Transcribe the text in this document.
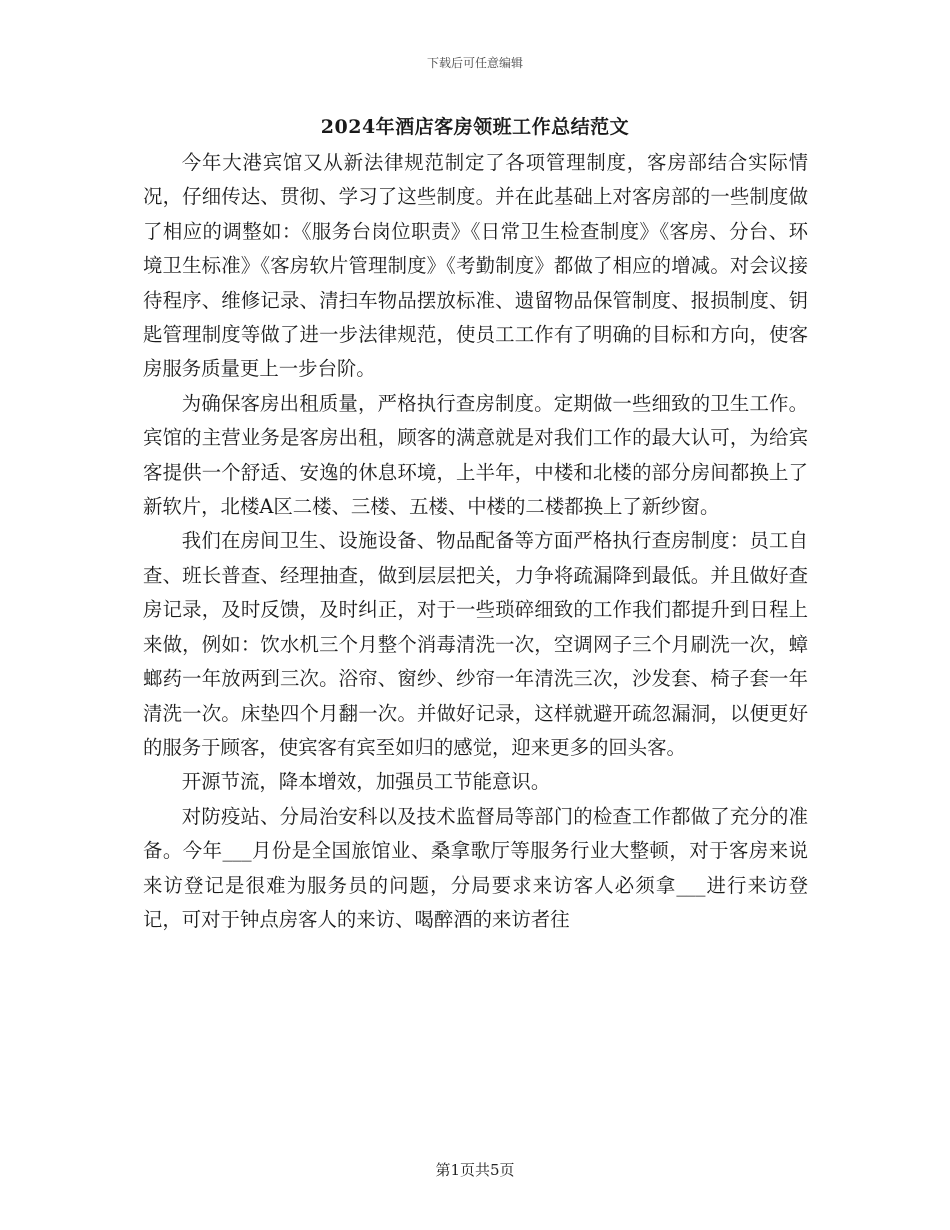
下载后可任意编辑
2024年酒店客房领班工作总结范文

今年大港宾馆又从新法律规范制定了各项管理制度，客房部结合实际情况，仔细传达、贯彻、学习了这些制度。并在此基础上对客房部的一些制度做了相应的调整如：《服务台岗位职责》《日常卫生检查制度》《客房、分台、环境卫生标准》《客房软片管理制度》《考勤制度》都做了相应的增减。对会议接待程序、维修记录、清扫车物品摆放标准、遗留物品保管制度、报损制度、钥匙管理制度等做了进一步法律规范，使员工工作有了明确的目标和方向，使客房服务质量更上一步台阶。

为确保客房出租质量，严格执行查房制度。定期做一些细致的卫生工作。宾馆的主营业务是客房出租，顾客的满意就是对我们工作的最大认可，为给宾客提供一个舒适、安逸的休息环境，上半年，中楼和北楼的部分房间都换上了新软片，北楼A区二楼、三楼、五楼、中楼的二楼都换上了新纱窗。

我们在房间卫生、设施设备、物品配备等方面严格执行查房制度：员工自查、班长普查、经理抽查，做到层层把关，力争将疏漏降到最低。并且做好查房记录，及时反馈，及时纠正，对于一些琐碎细致的工作我们都提升到日程上来做，例如：饮水机三个月整个消毒清洗一次，空调网子三个月刷洗一次，蟑螂药一年放两到三次。浴帘、窗纱、纱帘一年清洗三次，沙发套、椅子套一年清洗一次。床垫四个月翻一次。并做好记录，这样就避开疏忽漏洞，以便更好的服务于顾客，使宾客有宾至如归的感觉，迎来更多的回头客。

开源节流，降本增效，加强员工节能意识。

对防疫站、分局治安科以及技术监督局等部门的检查工作都做了充分的准备。今年___月份是全国旅馆业、桑拿歌厅等服务行业大整顿，对于客房来说来访登记是很难为服务员的问题，分局要求来访客人必须拿___进行来访登记，可对于钟点房客人的来访、喝醉酒的来访者往

第1页共5页
